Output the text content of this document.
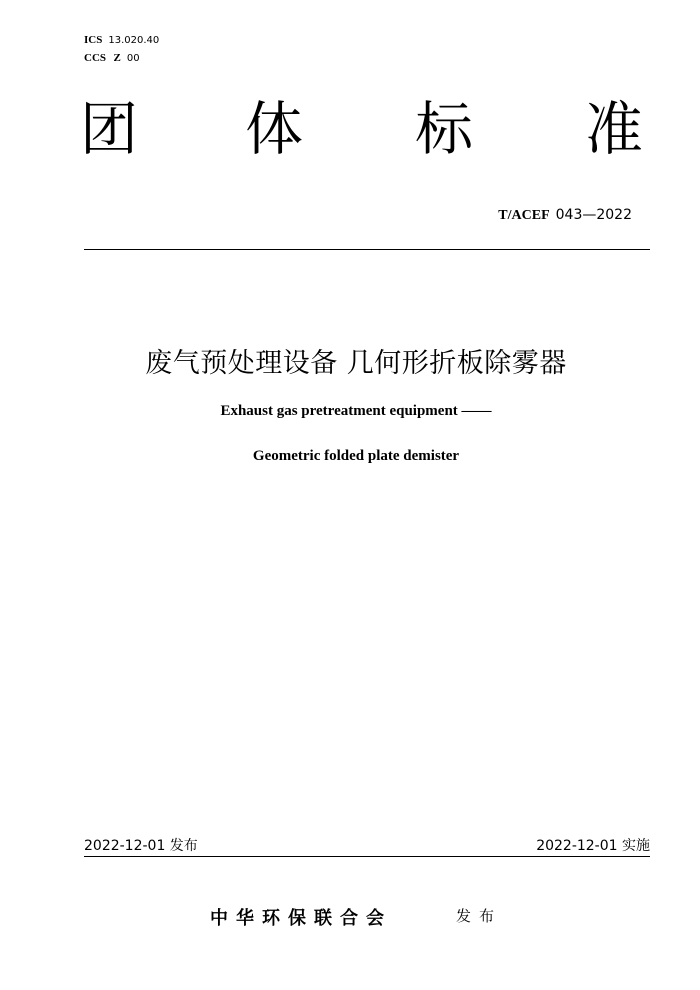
ICS 13.020.40
CCS Z 00
团 体 标 准
T/ACEF 043—2022
废气预处理设备 几何形折板除雾器
Exhaust gas pretreatment equipment ——
Geometric folded plate demister
2022-12-01 发布	2022-12-01 实施
中华环保联合会	发布
